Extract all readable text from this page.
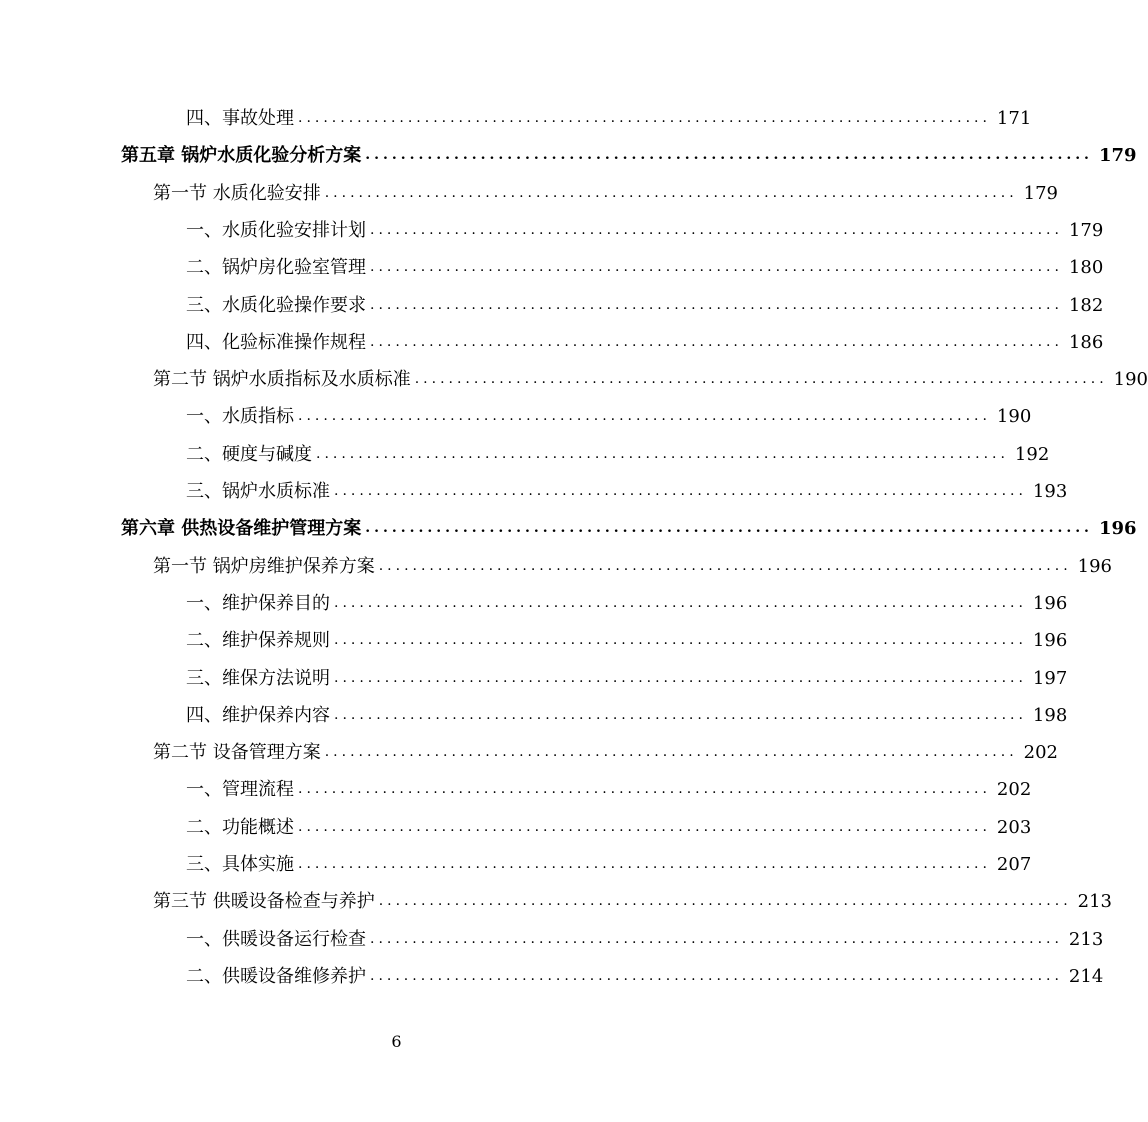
四、事故处理 .................................................................................. 171
第五章 锅炉水质化验分析方案 .................................................................................. 179
第一节 水质化验安排 .................................................................................. 179
一、水质化验安排计划 .................................................................................. 179
二、锅炉房化验室管理 .................................................................................. 180
三、水质化验操作要求 .................................................................................. 182
四、化验标准操作规程 .................................................................................. 186
第二节 锅炉水质指标及水质标准 .................................................................................. 190
一、水质指标 .................................................................................. 190
二、硬度与碱度 .................................................................................. 192
三、锅炉水质标准 .................................................................................. 193
第六章 供热设备维护管理方案 .................................................................................. 196
第一节 锅炉房维护保养方案 .................................................................................. 196
一、维护保养目的 .................................................................................. 196
二、维护保养规则 .................................................................................. 196
三、维保方法说明 .................................................................................. 197
四、维护保养内容 .................................................................................. 198
第二节 设备管理方案 .................................................................................. 202
一、管理流程 .................................................................................. 202
二、功能概述 .................................................................................. 203
三、具体实施 .................................................................................. 207
第三节 供暖设备检查与养护 .................................................................................. 213
一、供暖设备运行检查 .................................................................................. 213
二、供暖设备维修养护 .................................................................................. 214
6
